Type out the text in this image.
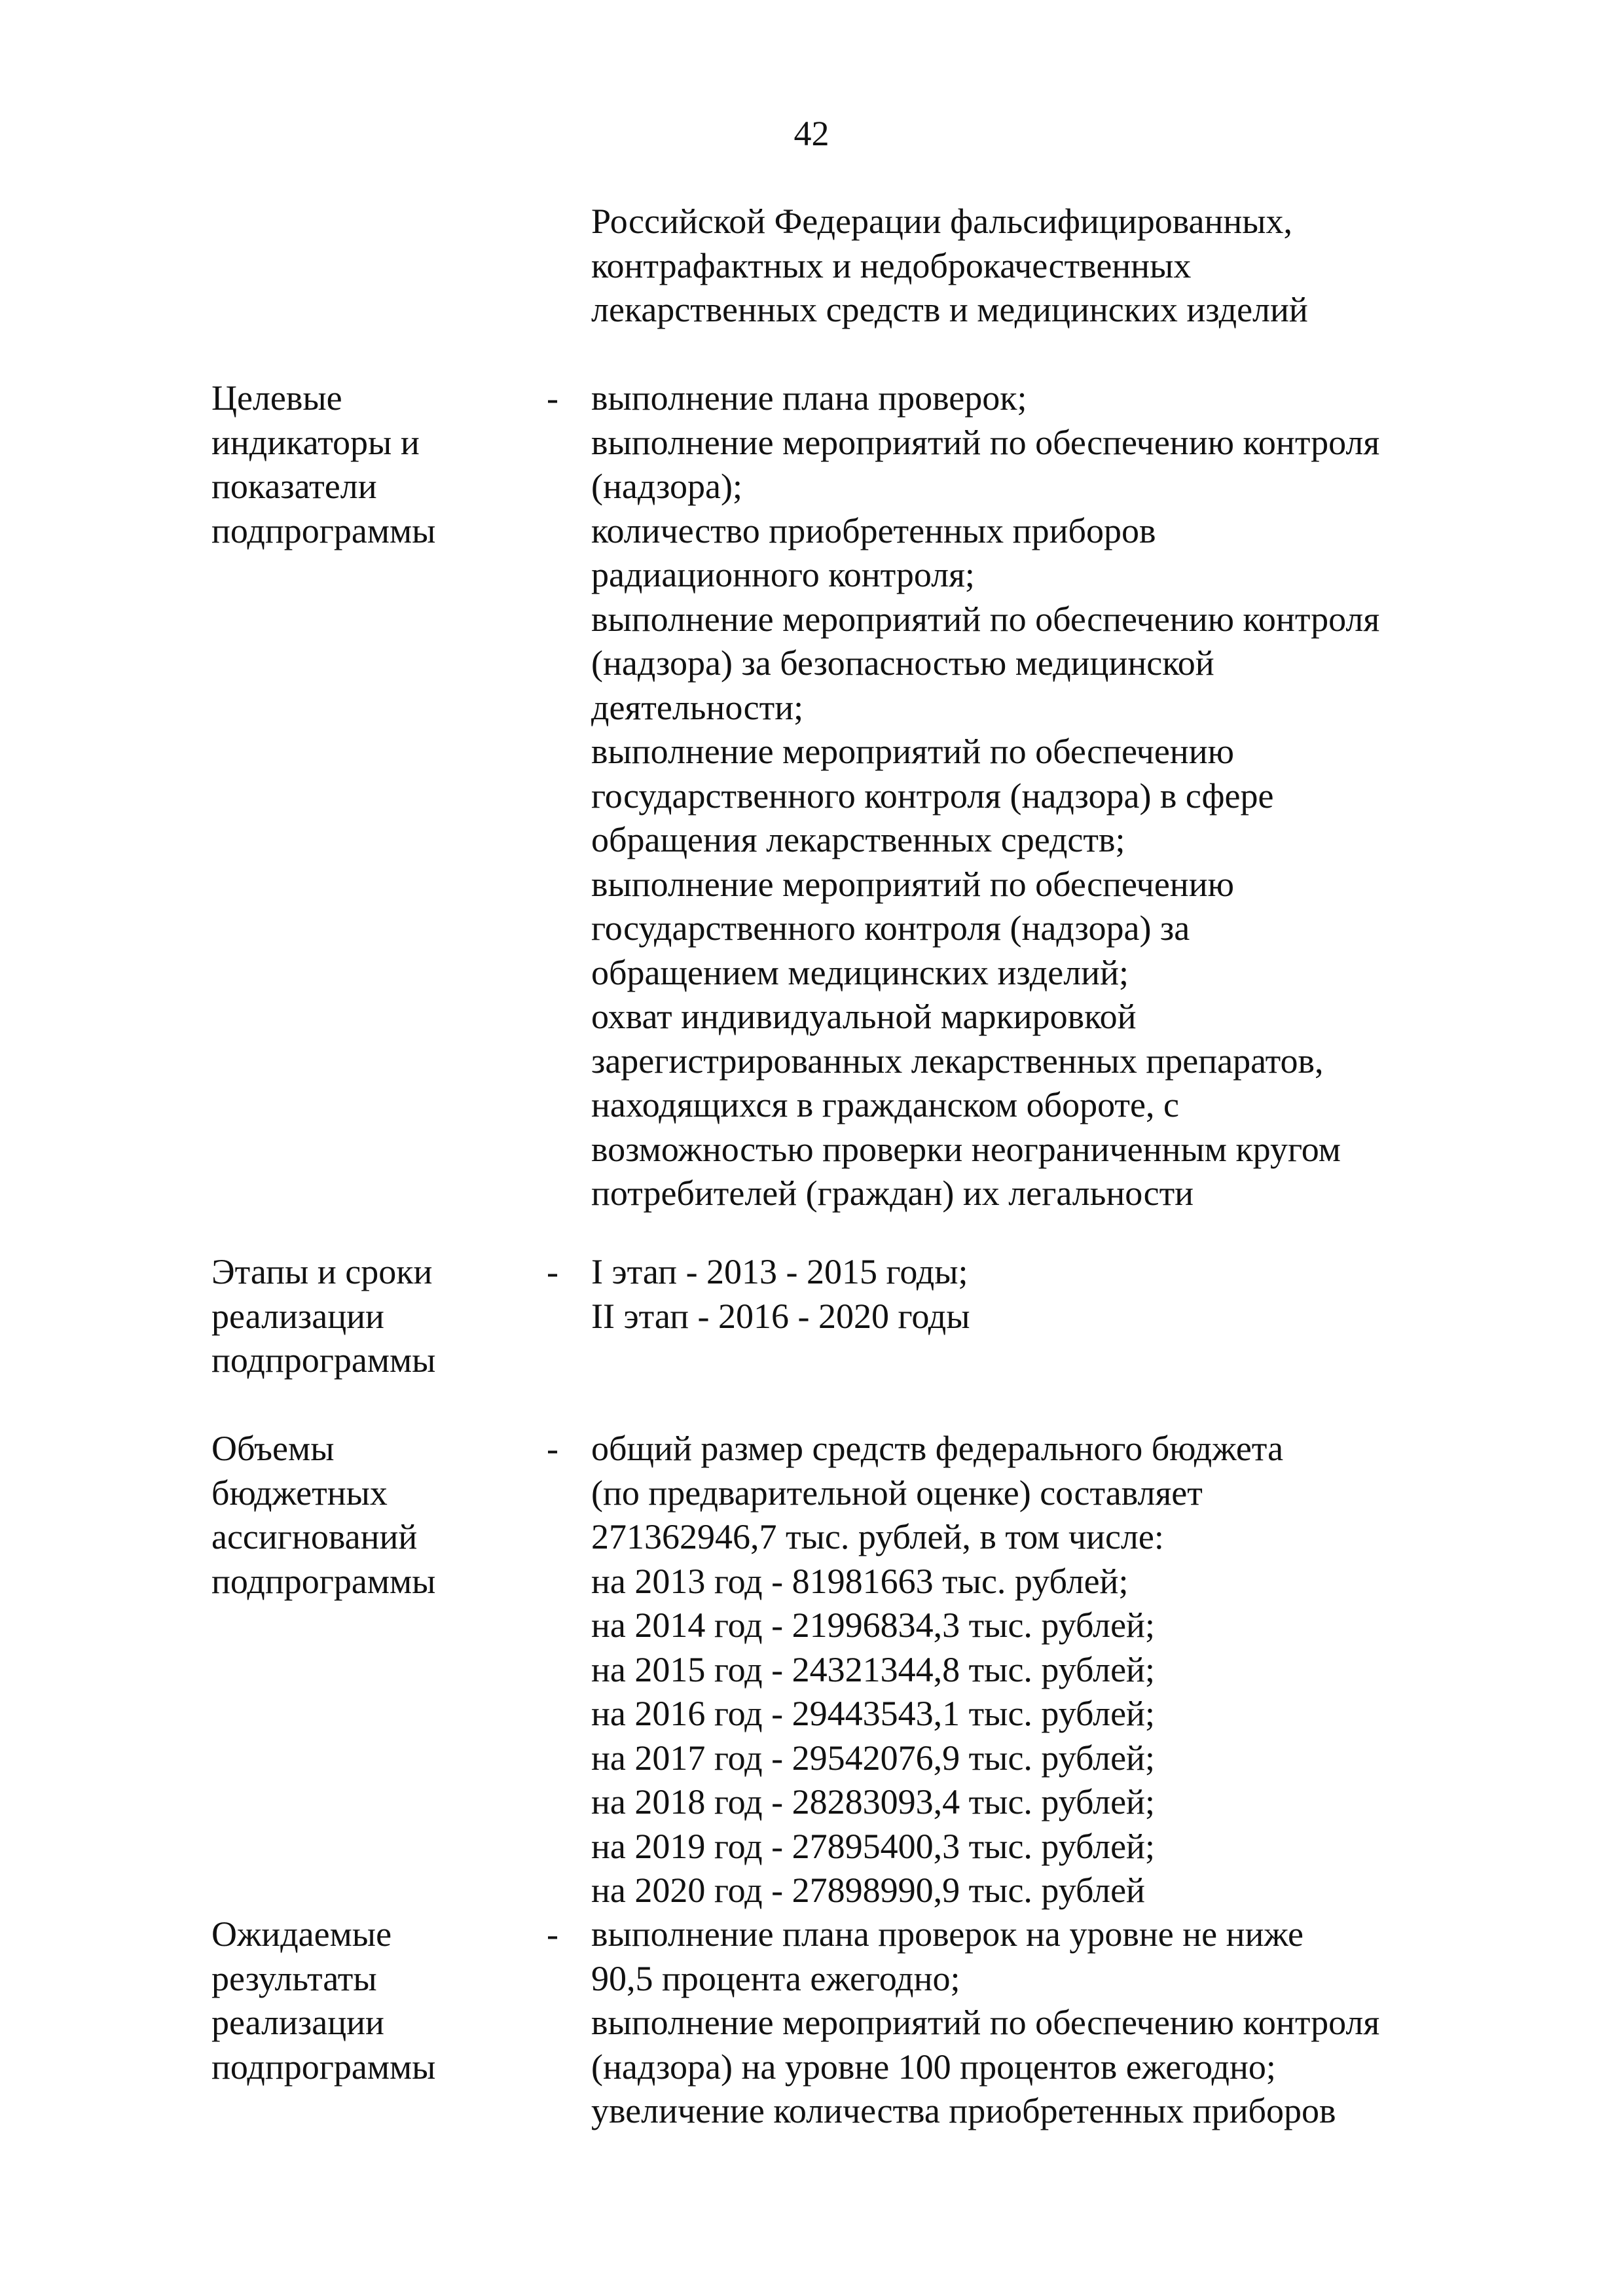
42
Российской Федерации фальсифицированных,
контрафактных и недоброкачественных
лекарственных средств и медицинских изделий
Целевые
индикаторы и
показатели
подпрограммы
- выполнение плана проверок;
выполнение мероприятий по обеспечению контроля
(надзора);
количество приобретенных приборов
радиационного контроля;
выполнение мероприятий по обеспечению контроля
(надзора) за безопасностью медицинской
деятельности;
выполнение мероприятий по обеспечению
государственного контроля (надзора) в сфере
обращения лекарственных средств;
выполнение мероприятий по обеспечению
государственного контроля (надзора) за
обращением медицинских изделий;
охват индивидуальной маркировкой
зарегистрированных лекарственных препаратов,
находящихся в гражданском обороте, с
возможностью проверки неограниченным кругом
потребителей (граждан) их легальности
Этапы и сроки
реализации
подпрограммы
- I этап - 2013 - 2015 годы;
II этап - 2016 - 2020 годы
Объемы
бюджетных
ассигнований
подпрограммы
- общий размер средств федерального бюджета
(по предварительной оценке) составляет
271362946,7 тыс. рублей, в том числе:
на 2013 год - 81981663 тыс. рублей;
на 2014 год - 21996834,3 тыс. рублей;
на 2015 год - 24321344,8 тыс. рублей;
на 2016 год - 29443543,1 тыс. рублей;
на 2017 год - 29542076,9 тыс. рублей;
на 2018 год - 28283093,4 тыс. рублей;
на 2019 год - 27895400,3 тыс. рублей;
на 2020 год - 27898990,9 тыс. рублей
Ожидаемые
результаты
реализации
подпрограммы
- выполнение плана проверок на уровне не ниже
90,5 процента ежегодно;
выполнение мероприятий по обеспечению контроля
(надзора) на уровне 100 процентов ежегодно;
увеличение количества приобретенных приборов
